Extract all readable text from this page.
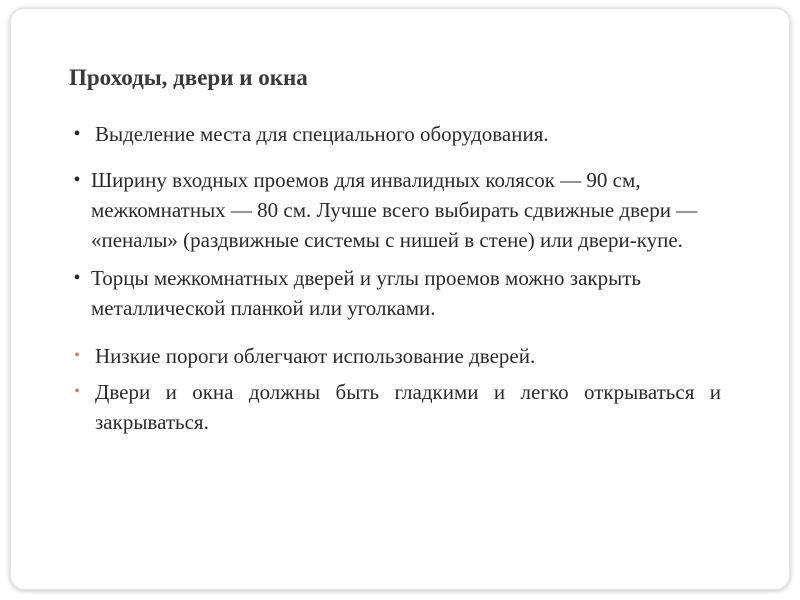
Проходы, двери и окна
• Выделение места для специального оборудования.
• Ширину входных проемов для инвалидных колясок — 90 см, межкомнатных — 80 см. Лучше всего выбирать сдвижные двери — «пеналы» (раздвижные системы с нишей в стене) или двери-купе.
• Торцы межкомнатных дверей и углы проемов можно закрыть металлической планкой или уголками.
• Низкие пороги облегчают использование дверей.
• Двери и окна должны быть гладкими и легко открываться и закрываться.
